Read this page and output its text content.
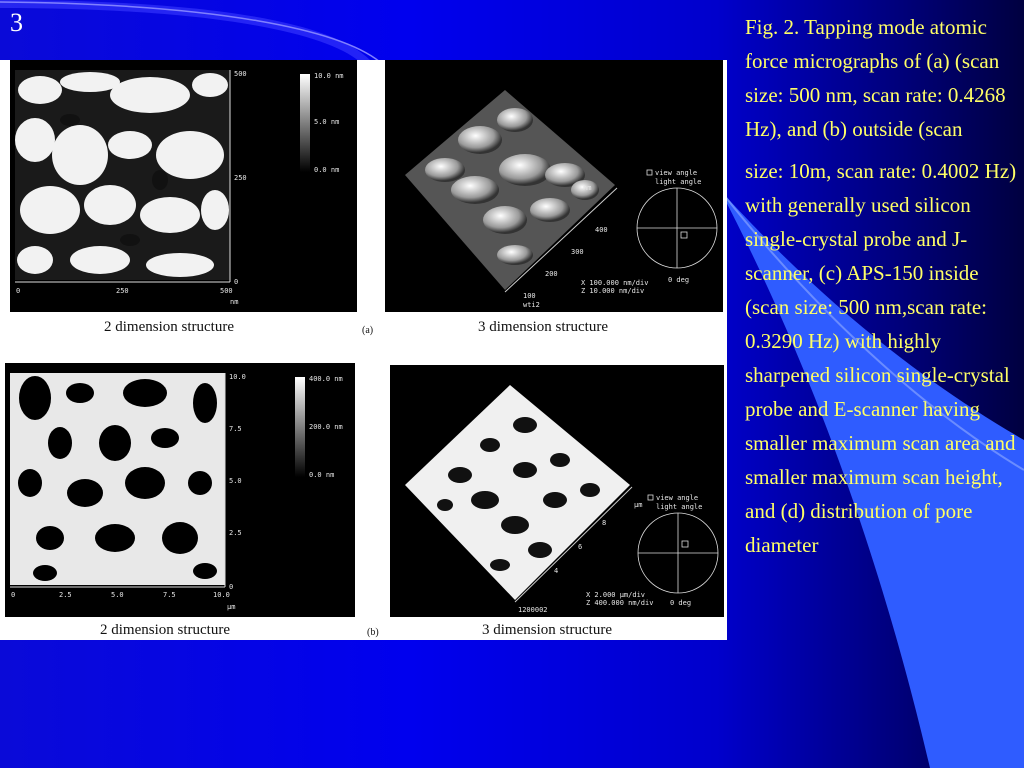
3	Fig. 2. Tapping mode atomic force micrographs of (a) (scan size: 500 nm, scan rate: 0.4268 Hz), and (b) outside (scan

size: 10m, scan rate: 0.4002 Hz) with generally used silicon single-crystal probe and J-scanner, (c) APS-150 inside (scan size: 500 nm,scan rate: 0.3290 Hz) with highly sharpened silicon single-crystal probe and E-scanner having smaller maximum scan area and smaller maximum scan height, and (d) distribution of pore diameter

500
250
0
0	250	500
nm
10.0 nm
5.0 nm
0.0 nm
nm
400
300
200
100
wti2
view angle
light angle
0 deg
X 100.000 nm/div
Z 10.000 nm/div
2 dimension structure	(a)	3 dimension structure
10.0
7.5
5.0
2.5
0
0	2.5	5.0	7.5	10.0
μm
400.0 nm
200.0 nm
0.0 nm
μm
8
6
4
1200002
view angle
light angle
0 deg
X 2.000 μm/div
Z 400.000 nm/div
2 dimension structure	(b)	3 dimension structure
